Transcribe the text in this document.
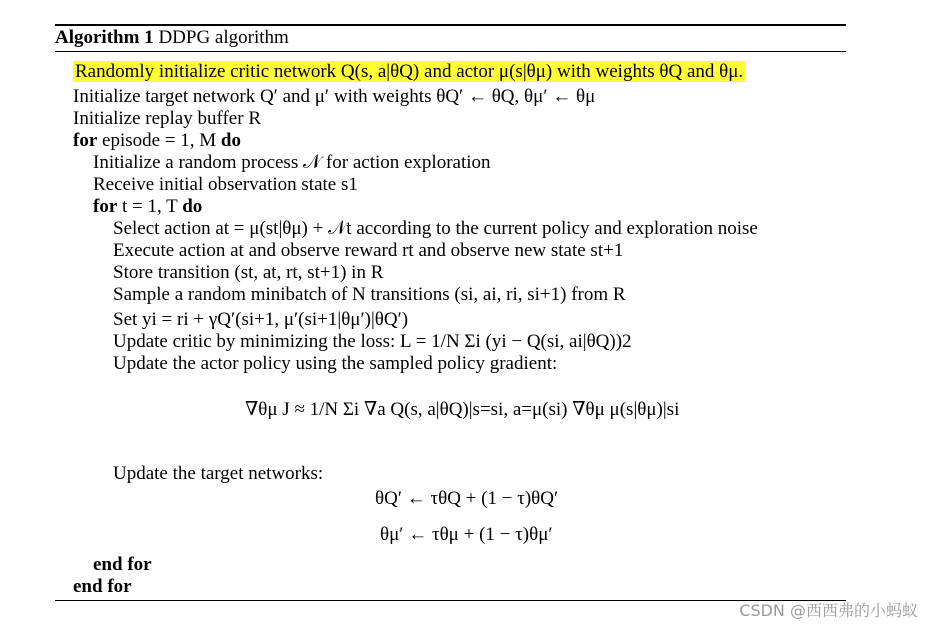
Algorithm 1 DDPG algorithm
Randomly initialize critic network Q(s, a|θQ) and actor μ(s|θμ) with weights θQ and θμ.
Initialize target network Q′ and μ′ with weights θQ′ ← θQ, θμ′ ← θμ
Initialize replay buffer R
for episode = 1, M do
Initialize a random process 𝒩 for action exploration
Receive initial observation state s1
for t = 1, T do
Select action at = μ(st|θμ) + 𝒩t according to the current policy and exploration noise
Execute action at and observe reward rt and observe new state st+1
Store transition (st, at, rt, st+1) in R
Sample a random minibatch of N transitions (si, ai, ri, si+1) from R
Set yi = ri + γQ′(si+1, μ′(si+1|θμ′)|θQ′)
Update critic by minimizing the loss: L = 1/N Σi (yi − Q(si, ai|θQ))2
Update the actor policy using the sampled policy gradient:
∇θμ J ≈ 1/N Σi ∇a Q(s, a|θQ)|s=si, a=μ(si) ∇θμ μ(s|θμ)|si
Update the target networks:
θQ′ ← τθQ + (1 − τ)θQ′
θμ′ ← τθμ + (1 − τ)θμ′
end for
end for
CSDN @西西弗的小蚂蚁
